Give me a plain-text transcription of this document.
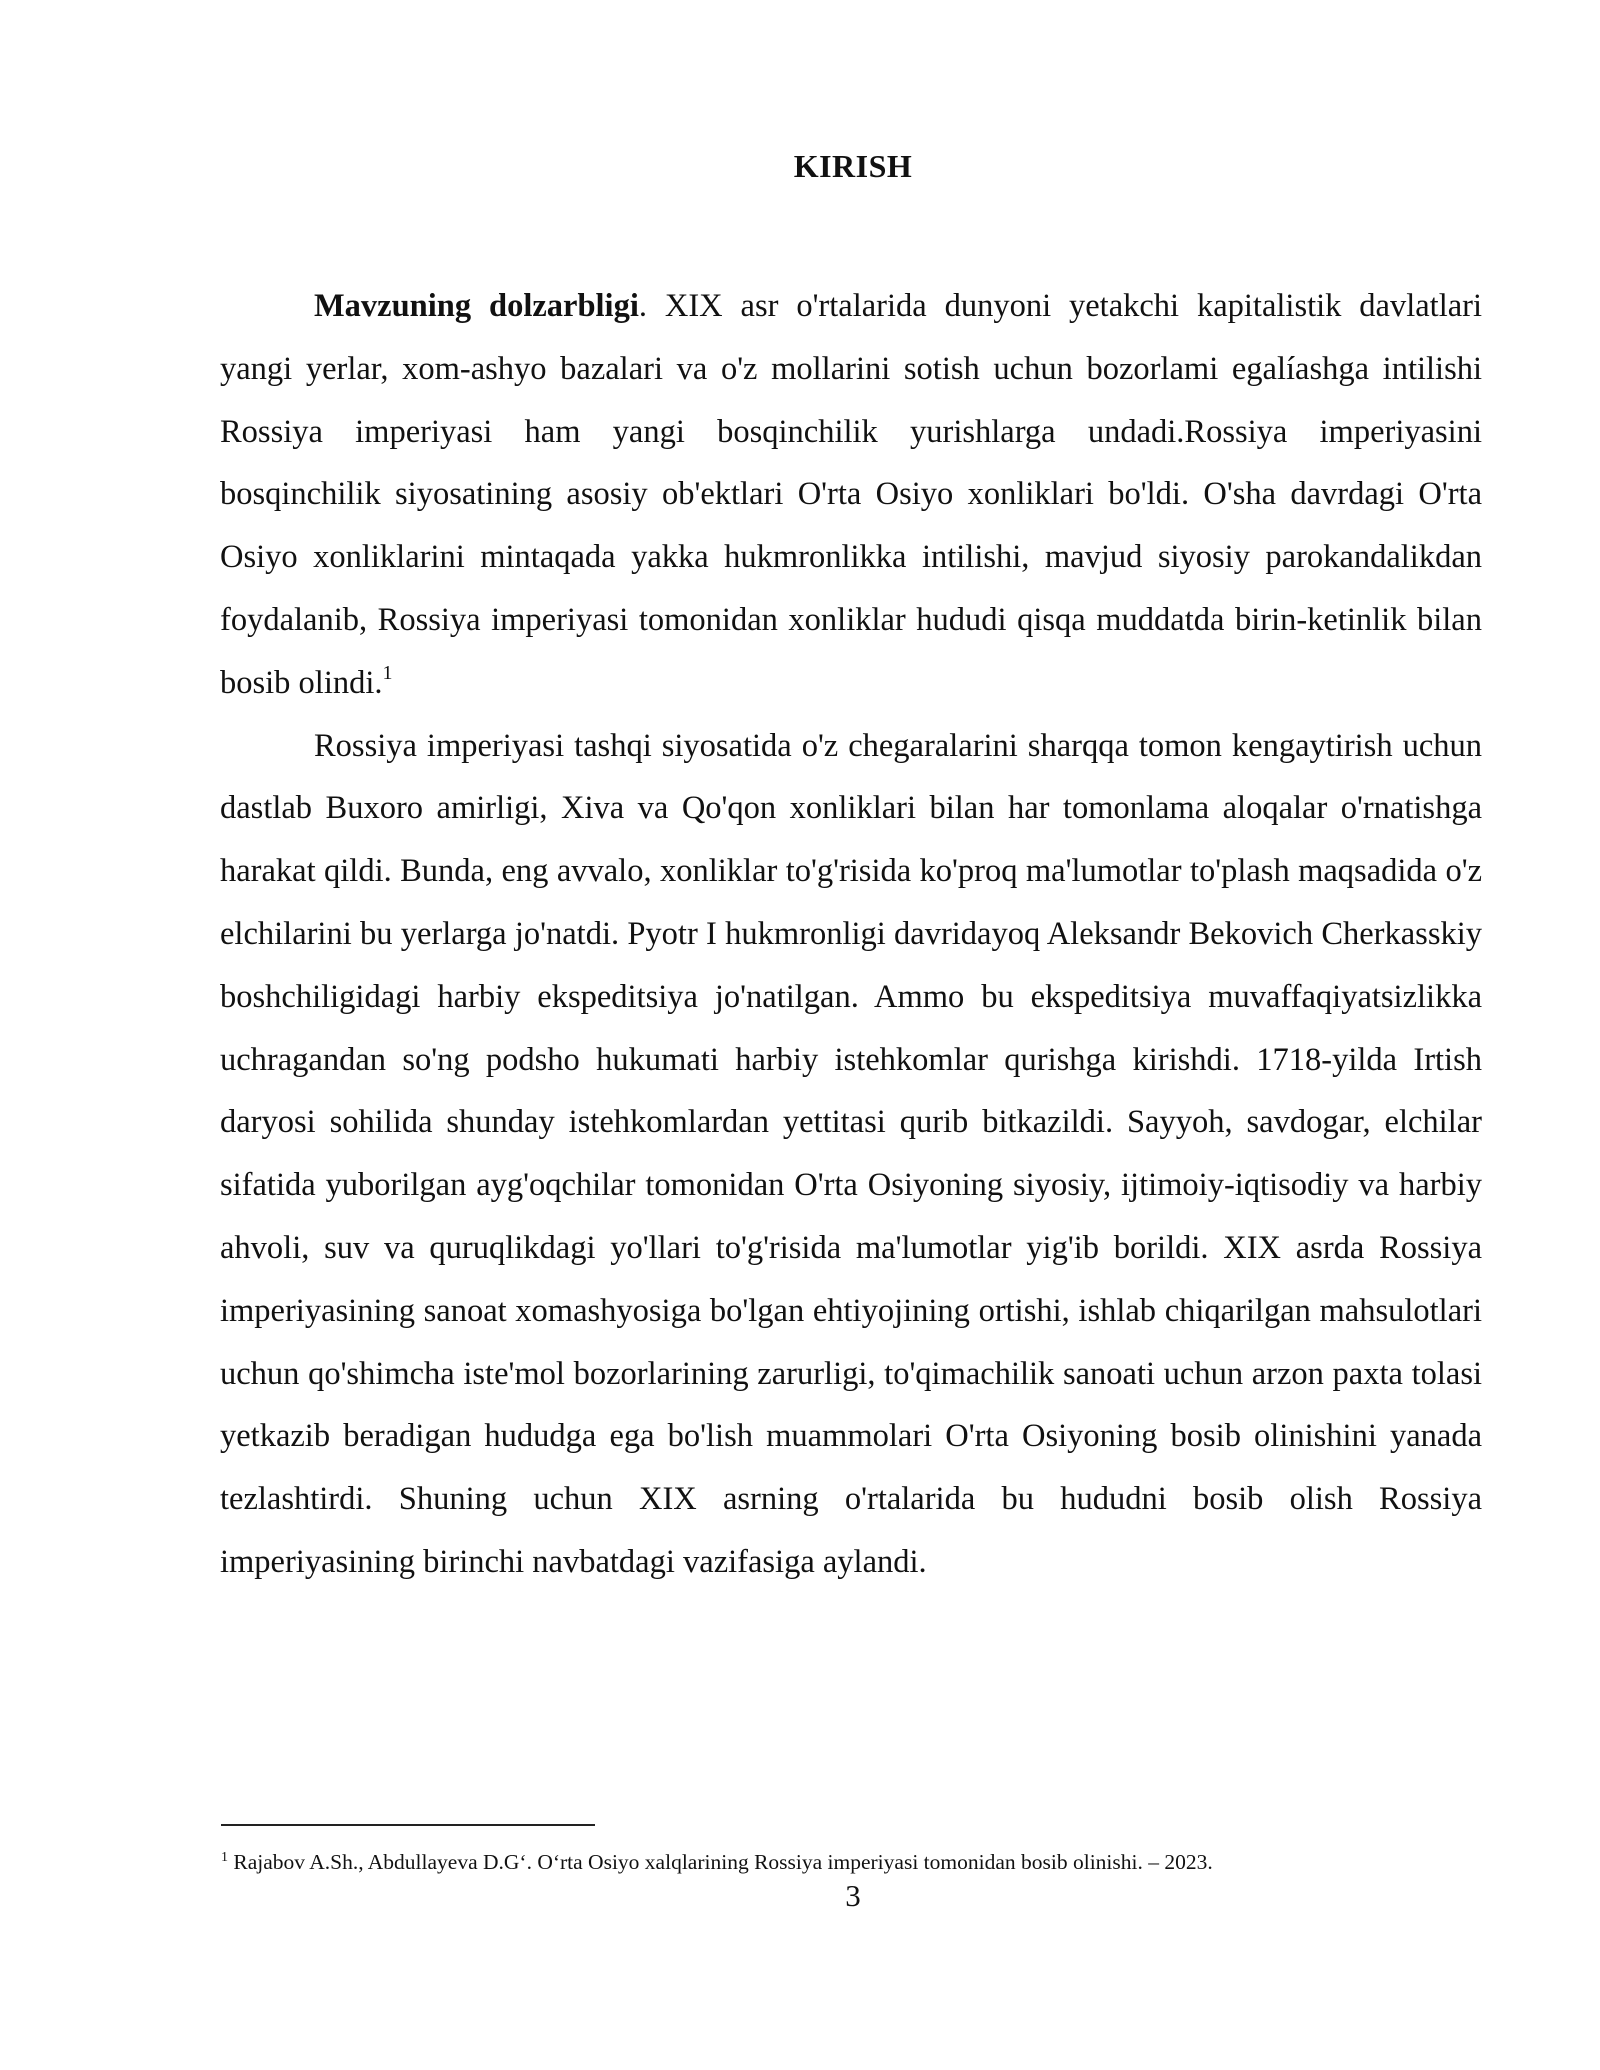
KIRISH

Mavzuning dolzarbligi. XIX asr o'rtalarida dunyoni yetakchi kapitalistik davlatlari yangi yerlar, xom-ashyo bazalari va o'z mollarini sotish uchun bozorlami egalíashga intilishi Rossiya imperiyasi ham yangi bosqinchilik yurishlarga undadi.Rossiya imperiyasini bosqinchilik siyosatining asosiy ob'ektlari O'rta Osiyo xonliklari bo'ldi. O'sha davrdagi O'rta Osiyo xonliklarini mintaqada yakka hukmronlikka intilishi, mavjud siyosiy parokandalikdan foydalanib, Rossiya imperiyasi tomonidan xonliklar hududi qisqa muddatda birin-ketinlik bilan bosib olindi.$^1$

Rossiya imperiyasi tashqi siyosatida o'z chegaralarini sharqqa tomon kengaytirish uchun dastlab Buxoro amirligi, Xiva va Qo'qon xonliklari bilan har tomonlama aloqalar o'rnatishga harakat qildi. Bunda, eng avvalo, xonliklar to'g'risida ko'proq ma'lumotlar to'plash maqsadida o'z elchilarini bu yerlarga jo'natdi. Pyotr I hukmronligi davridayoq Aleksandr Bekovich Cherkasskiy boshchiligidagi harbiy ekspeditsiya jo'natilgan. Ammo bu ekspeditsiya muvaffaqiyatsizlikka uchragandan so'ng podsho hukumati harbiy istehkomlar qurishga kirishdi. 1718-yilda Irtish daryosi sohilida shunday istehkomlardan yettitasi qurib bitkazildi. Sayyoh, savdogar, elchilar sifatida yuborilgan ayg'oqchilar tomonidan O'rta Osiyoning siyosiy, ijtimoiy-iqtisodiy va harbiy ahvoli, suv va quruqlikdagi yo'llari to'g'risida ma'lumotlar yig'ib borildi. XIX asrda Rossiya imperiyasining sanoat xomashyosiga bo'lgan ehtiyojining ortishi, ishlab chiqarilgan mahsulotlari uchun qo'shimcha iste'mol bozorlarining zarurligi, to'qimachilik sanoati uchun arzon paxta tolasi yetkazib beradigan hududga ega bo'lish muammolari O'rta Osiyoning bosib olinishini yanada tezlashtirdi. Shuning uchun XIX asrning o'rtalarida bu hududni bosib olish Rossiya imperiyasining birinchi navbatdagi vazifasiga aylandi.

$^1$ Rajabov A.Sh., Abdullayeva D.G‘. O‘rta Osiyo xalqlarining Rossiya imperiyasi tomonidan bosib olinishi. – 2023.

3
